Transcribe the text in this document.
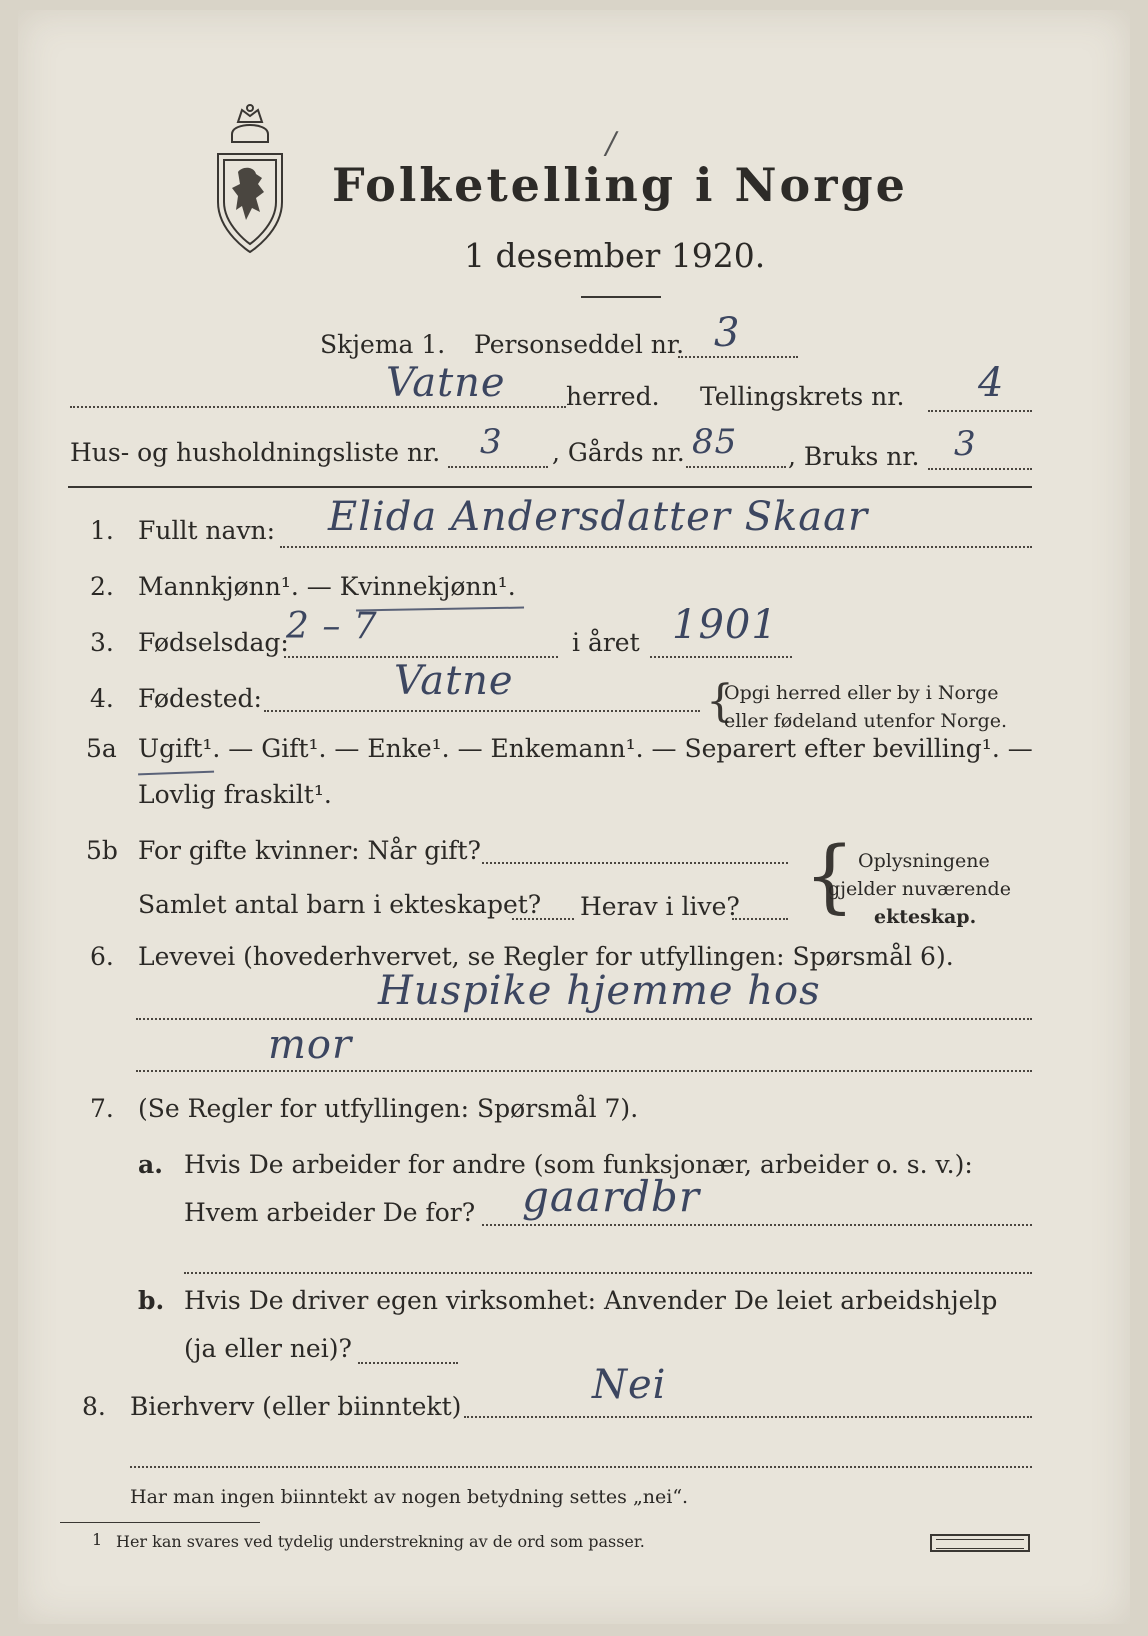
Folketelling i Norge
/
1 desember 1920.
Skjema 1. Personseddel nr. 3
Vatne herred. Tellingskrets nr. 4
Hus- og husholdningsliste nr. 3 , Gårds nr. 85 , Bruks nr. 3
1. Fullt navn: Elida Andersdatter Skaar
2. Mannkjønn¹. — Kvinnekjønn¹.
3. Fødselsdag:
2 – 7	i året 1901
4. Fødested:	Vatne	{
Opgi herred eller by i Norge
eller fødeland utenfor Norge.
5a Ugift¹. — Gift¹. — Enke¹. — Enkemann¹. — Separert efter bevilling¹. —
Lovlig fraskilt¹.
5b For gifte kvinner: Når gift?
Samlet antal barn i ekteskapet? Herav i live? { Oplysningene
gjelder nuværende
ekteskap.
6. Levevei (hovederhvervet, se Regler for utfyllingen: Spørsmål 6).
Huspike hjemme hos
mor
7. (Se Regler for utfyllingen: Spørsmål 7).
a. Hvis De arbeider for andre (som funksjonær, arbeider o. s. v.):
Hvem arbeider De for? gaardbr
b. Hvis De driver egen virksomhet: Anvender De leiet arbeidshjelp
(ja eller nei)?
8. Bierhverv (eller biinntekt)	Nei
Har man ingen biinntekt av nogen betydning settes „nei“.
1 Her kan svares ved tydelig understrekning av de ord som passer.
